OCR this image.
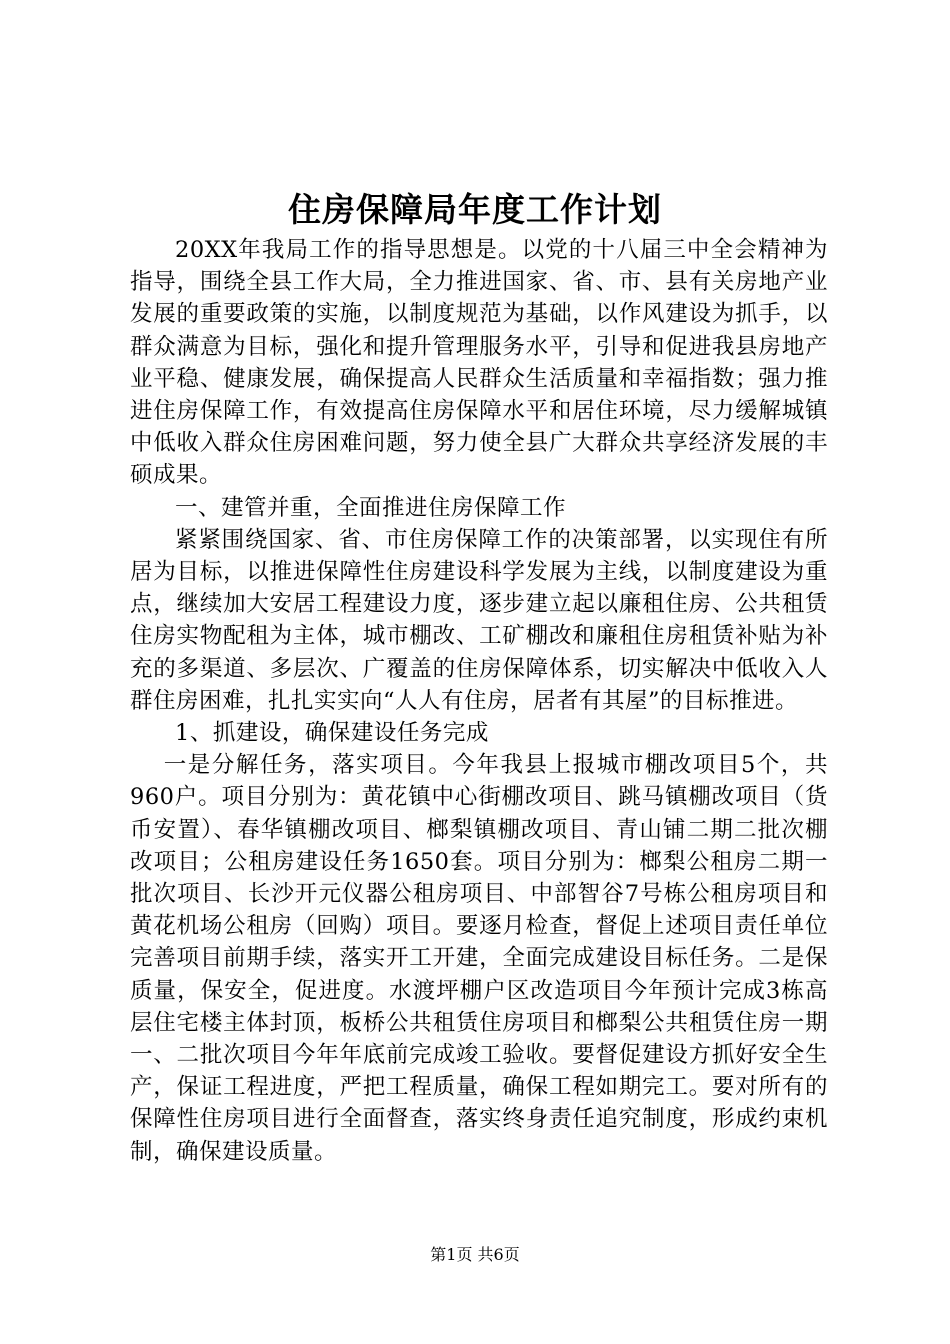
住房保障局年度工作计划

20XX年我局工作的指导思想是。以党的十八届三中全会精神为指导，围绕全县工作大局，全力推进国家、省、市、县有关房地产业发展的重要政策的实施，以制度规范为基础，以作风建设为抓手，以群众满意为目标，强化和提升管理服务水平，引导和促进我县房地产业平稳、健康发展，确保提高人民群众生活质量和幸福指数；强力推进住房保障工作，有效提高住房保障水平和居住环境，尽力缓解城镇中低收入群众住房困难问题，努力使全县广大群众共享经济发展的丰硕成果。

一、建管并重，全面推进住房保障工作

紧紧围绕国家、省、市住房保障工作的决策部署，以实现住有所居为目标，以推进保障性住房建设科学发展为主线，以制度建设为重点，继续加大安居工程建设力度，逐步建立起以廉租住房、公共租赁住房实物配租为主体，城市棚改、工矿棚改和廉租住房租赁补贴为补充的多渠道、多层次、广覆盖的住房保障体系，切实解决中低收入人群住房困难，扎扎实实向“人人有住房，居者有其屋”的目标推进。

1、抓建设，确保建设任务完成

一是分解任务，落实项目。今年我县上报城市棚改项目5个，共960户。项目分别为：黄花镇中心街棚改项目、跳马镇棚改项目（货币安置）、春华镇棚改项目、榔梨镇棚改项目、青山铺二期二批次棚改项目；公租房建设任务1650套。项目分别为：榔梨公租房二期一批次项目、长沙开元仪器公租房项目、中部智谷7号栋公租房项目和黄花机场公租房（回购）项目。要逐月检查，督促上述项目责任单位完善项目前期手续，落实开工开建，全面完成建设目标任务。二是保质量，保安全，促进度。水渡坪棚户区改造项目今年预计完成3栋高层住宅楼主体封顶，板桥公共租赁住房项目和榔梨公共租赁住房一期一、二批次项目今年年底前完成竣工验收。要督促建设方抓好安全生产，保证工程进度，严把工程质量，确保工程如期完工。要对所有的保障性住房项目进行全面督查，落实终身责任追究制度，形成约束机制，确保建设质量。

第1页 共6页
